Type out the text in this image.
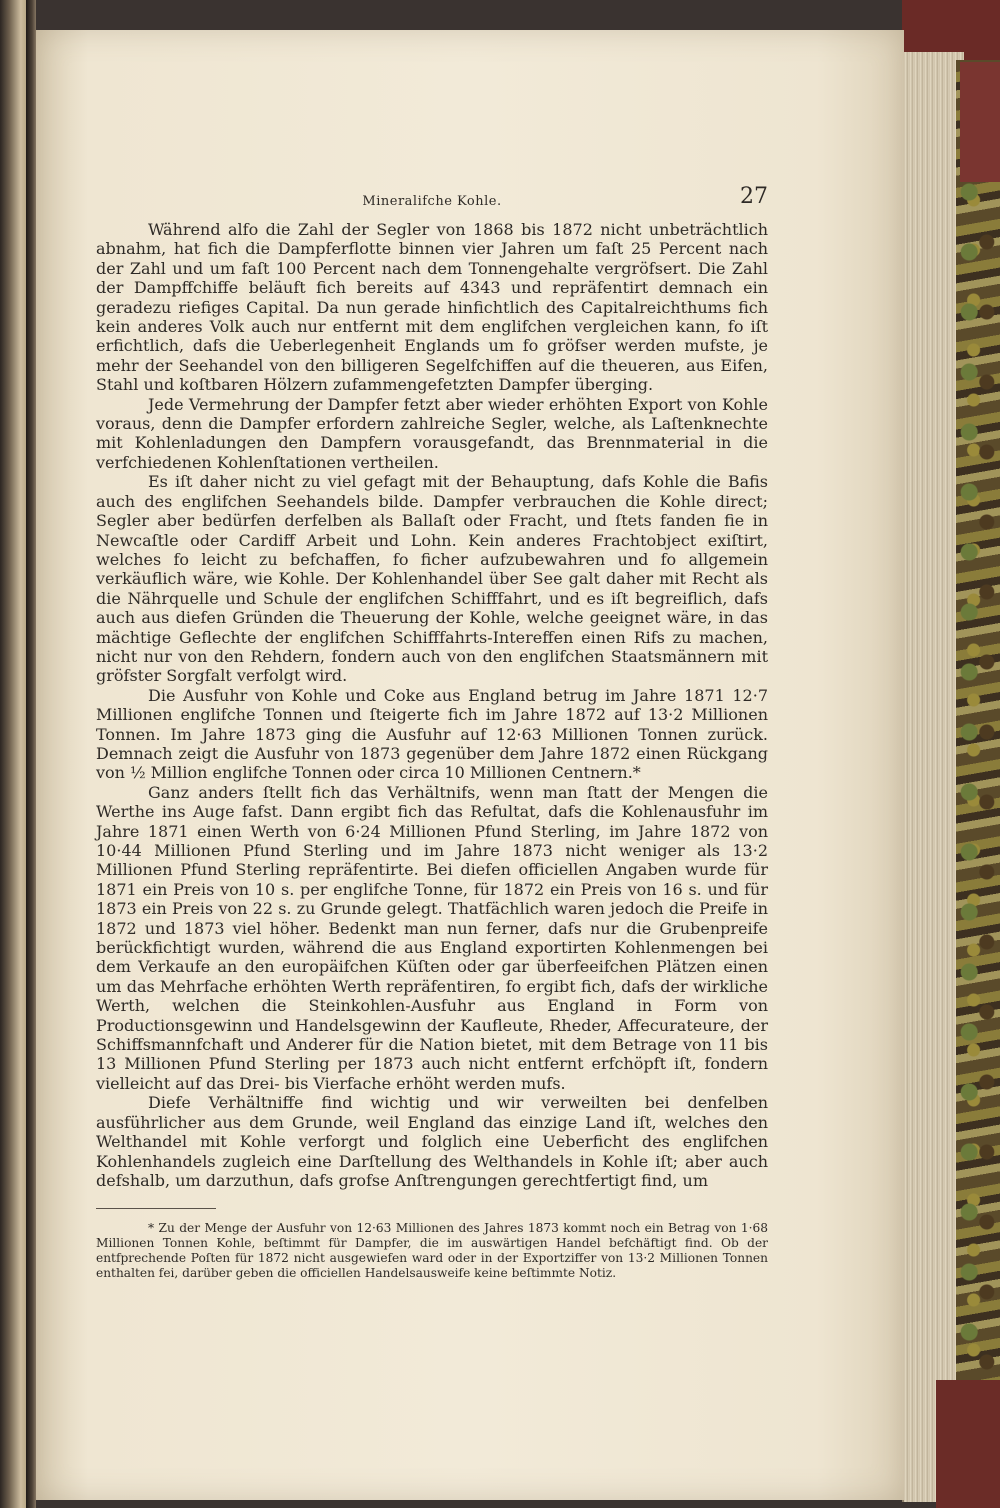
Mineralifche Kohle.	27

Während alfo die Zahl der Segler von 1868 bis 1872 nicht unbeträchtlich abnahm, hat fich die Dampferflotte binnen vier Jahren um faſt 25 Percent nach der Zahl und um faſt 100 Percent nach dem Tonnengehalte vergröfsert. Die Zahl der Dampffchiffe beläuft fich bereits auf 4343 und repräfentirt demnach ein geradezu riefiges Capital. Da nun gerade hinfichtlich des Capitalreichthums fich kein anderes Volk auch nur entfernt mit dem englifchen vergleichen kann, fo iſt erfichtlich, dafs die Ueberlegenheit Englands um fo gröfser werden mufste, je mehr der Seehandel von den billigeren Segelfchiffen auf die theueren, aus Eifen, Stahl und koſtbaren Hölzern zufammengefetzten Dampfer überging.

Jede Vermehrung der Dampfer fetzt aber wieder erhöhten Export von Kohle voraus, denn die Dampfer erfordern zahlreiche Segler, welche, als Laſtenknechte mit Kohlenladungen den Dampfern vorausgefandt, das Brennmaterial in die verfchiedenen Kohlenſtationen vertheilen.

Es iſt daher nicht zu viel gefagt mit der Behauptung, dafs Kohle die Bafis auch des englifchen Seehandels bilde. Dampfer verbrauchen die Kohle direct; Segler aber bedürfen derfelben als Ballaſt oder Fracht, und ſtets fanden fie in Newcaſtle oder Cardiff Arbeit und Lohn. Kein anderes Frachtobject exiſtirt, welches fo leicht zu befchaffen, fo ficher aufzubewahren und fo allgemein verkäuflich wäre, wie Kohle. Der Kohlenhandel über See galt daher mit Recht als die Nährquelle und Schule der englifchen Schifffahrt, und es iſt begreiflich, dafs auch aus diefen Gründen die Theuerung der Kohle, welche geeignet wäre, in das mächtige Geflechte der englifchen Schifffahrts-Intereffen einen Rifs zu machen, nicht nur von den Rehdern, fondern auch von den englifchen Staatsmännern mit gröfster Sorgfalt verfolgt wird.

Die Ausfuhr von Kohle und Coke aus England betrug im Jahre 1871 12·7 Millionen englifche Tonnen und ſteigerte fich im Jahre 1872 auf 13·2 Millionen Tonnen. Im Jahre 1873 ging die Ausfuhr auf 12·63 Millionen Tonnen zurück. Demnach zeigt die Ausfuhr von 1873 gegenüber dem Jahre 1872 einen Rückgang von ½ Million englifche Tonnen oder circa 10 Millionen Centnern.*

Ganz anders ſtellt fich das Verhältnifs, wenn man ſtatt der Mengen die Werthe ins Auge fafst. Dann ergibt fich das Refultat, dafs die Kohlenausfuhr im Jahre 1871 einen Werth von 6·24 Millionen Pfund Sterling, im Jahre 1872 von 10·44 Millionen Pfund Sterling und im Jahre 1873 nicht weniger als 13·2 Millionen Pfund Sterling repräfentirte. Bei diefen officiellen Angaben wurde für 1871 ein Preis von 10 s. per englifche Tonne, für 1872 ein Preis von 16 s. und für 1873 ein Preis von 22 s. zu Grunde gelegt. Thatfächlich waren jedoch die Preife in 1872 und 1873 viel höher. Bedenkt man nun ferner, dafs nur die Grubenpreife berückfichtigt wurden, während die aus England exportirten Kohlenmengen bei dem Verkaufe an den europäifchen Küſten oder gar überfeeifchen Plätzen einen um das Mehrfache erhöhten Werth repräfentiren, fo ergibt fich, dafs der wirkliche Werth, welchen die Steinkohlen-Ausfuhr aus England in Form von Productionsgewinn und Handelsgewinn der Kaufleute, Rheder, Affecurateure, der Schiffsmannfchaft und Anderer für die Nation bietet, mit dem Betrage von 11 bis 13 Millionen Pfund Sterling per 1873 auch nicht entfernt erfchöpft iſt, fondern vielleicht auf das Drei- bis Vierfache erhöht werden mufs.

Diefe Verhältniffe find wichtig und wir verweilten bei denfelben ausführlicher aus dem Grunde, weil England das einzige Land iſt, welches den Welthandel mit Kohle verforgt und folglich eine Ueberficht des englifchen Kohlenhandels zugleich eine Darſtellung des Welthandels in Kohle iſt; aber auch defshalb, um darzuthun, dafs grofse Anſtrengungen gerechtfertigt find, um

* Zu der Menge der Ausfuhr von 12·63 Millionen des Jahres 1873 kommt noch ein Betrag von 1·68 Millionen Tonnen Kohle, beſtimmt für Dampfer, die im auswärtigen Handel befchäftigt find. Ob der entfprechende Poſten für 1872 nicht ausgewiefen ward oder in der Exportziffer von 13·2 Millionen Tonnen enthalten fei, darüber geben die officiellen Handelsausweife keine beſtimmte Notiz.
